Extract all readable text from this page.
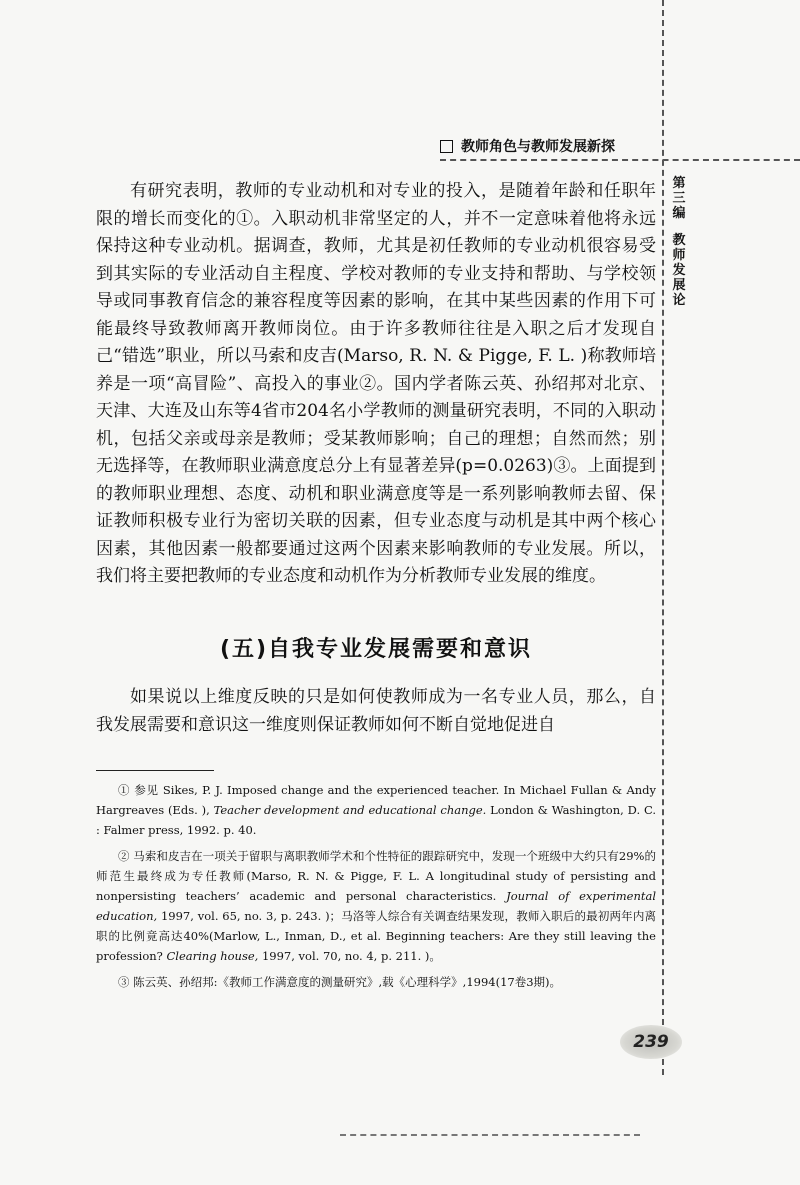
教师角色与教师发展新探
第
三
编
教
师
发
展
论

有研究表明，教师的专业动机和对专业的投入，是随着年龄和任职年限的增长而变化的①。入职动机非常坚定的人，并不一定意味着他将永远保持这种专业动机。据调查，教师，尤其是初任教师的专业动机很容易受到其实际的专业活动自主程度、学校对教师的专业支持和帮助、与学校领导或同事教育信念的兼容程度等因素的影响，在其中某些因素的作用下可能最终导致教师离开教师岗位。由于许多教师往往是入职之后才发现自己“错选”职业，所以马索和皮吉(Marso, R. N. & Pigge, F. L. )称教师培养是一项“高冒险”、高投入的事业②。国内学者陈云英、孙绍邦对北京、天津、大连及山东等4省市204名小学教师的测量研究表明，不同的入职动机，包括父亲或母亲是教师；受某教师影响；自己的理想；自然而然；别无选择等，在教师职业满意度总分上有显著差异(p=0.0263)③。上面提到的教师职业理想、态度、动机和职业满意度等是一系列影响教师去留、保证教师积极专业行为密切关联的因素，但专业态度与动机是其中两个核心因素，其他因素一般都要通过这两个因素来影响教师的专业发展。所以，我们将主要把教师的专业态度和动机作为分析教师专业发展的维度。

(五)自我专业发展需要和意识

如果说以上维度反映的只是如何使教师成为一名专业人员，那么，自我发展需要和意识这一维度则保证教师如何不断自觉地促进自

① 参见 Sikes, P. J. Imposed change and the experienced teacher. In Michael Fullan & Andy Hargreaves (Eds. ), Teacher development and educational change. London & Washington, D. C. : Falmer press, 1992. p. 40.

② 马索和皮吉在一项关于留职与离职教师学术和个性特征的跟踪研究中，发现一个班级中大约只有29%的师范生最终成为专任教师(Marso, R. N. & Pigge, F. L. A longitudinal study of persisting and nonpersisting teachers’ academic and personal characteristics. Journal of experimental education, 1997, vol. 65, no. 3, p. 243. )；马洛等人综合有关调查结果发现，教师入职后的最初两年内离职的比例竟高达40%(Marlow, L., Inman, D., et al. Beginning teachers: Are they still leaving the profession? Clearing house, 1997, vol. 70, no. 4, p. 211. )。

③ 陈云英、孙绍邦:《教师工作满意度的测量研究》,载《心理科学》,1994(17卷3期)。

239
